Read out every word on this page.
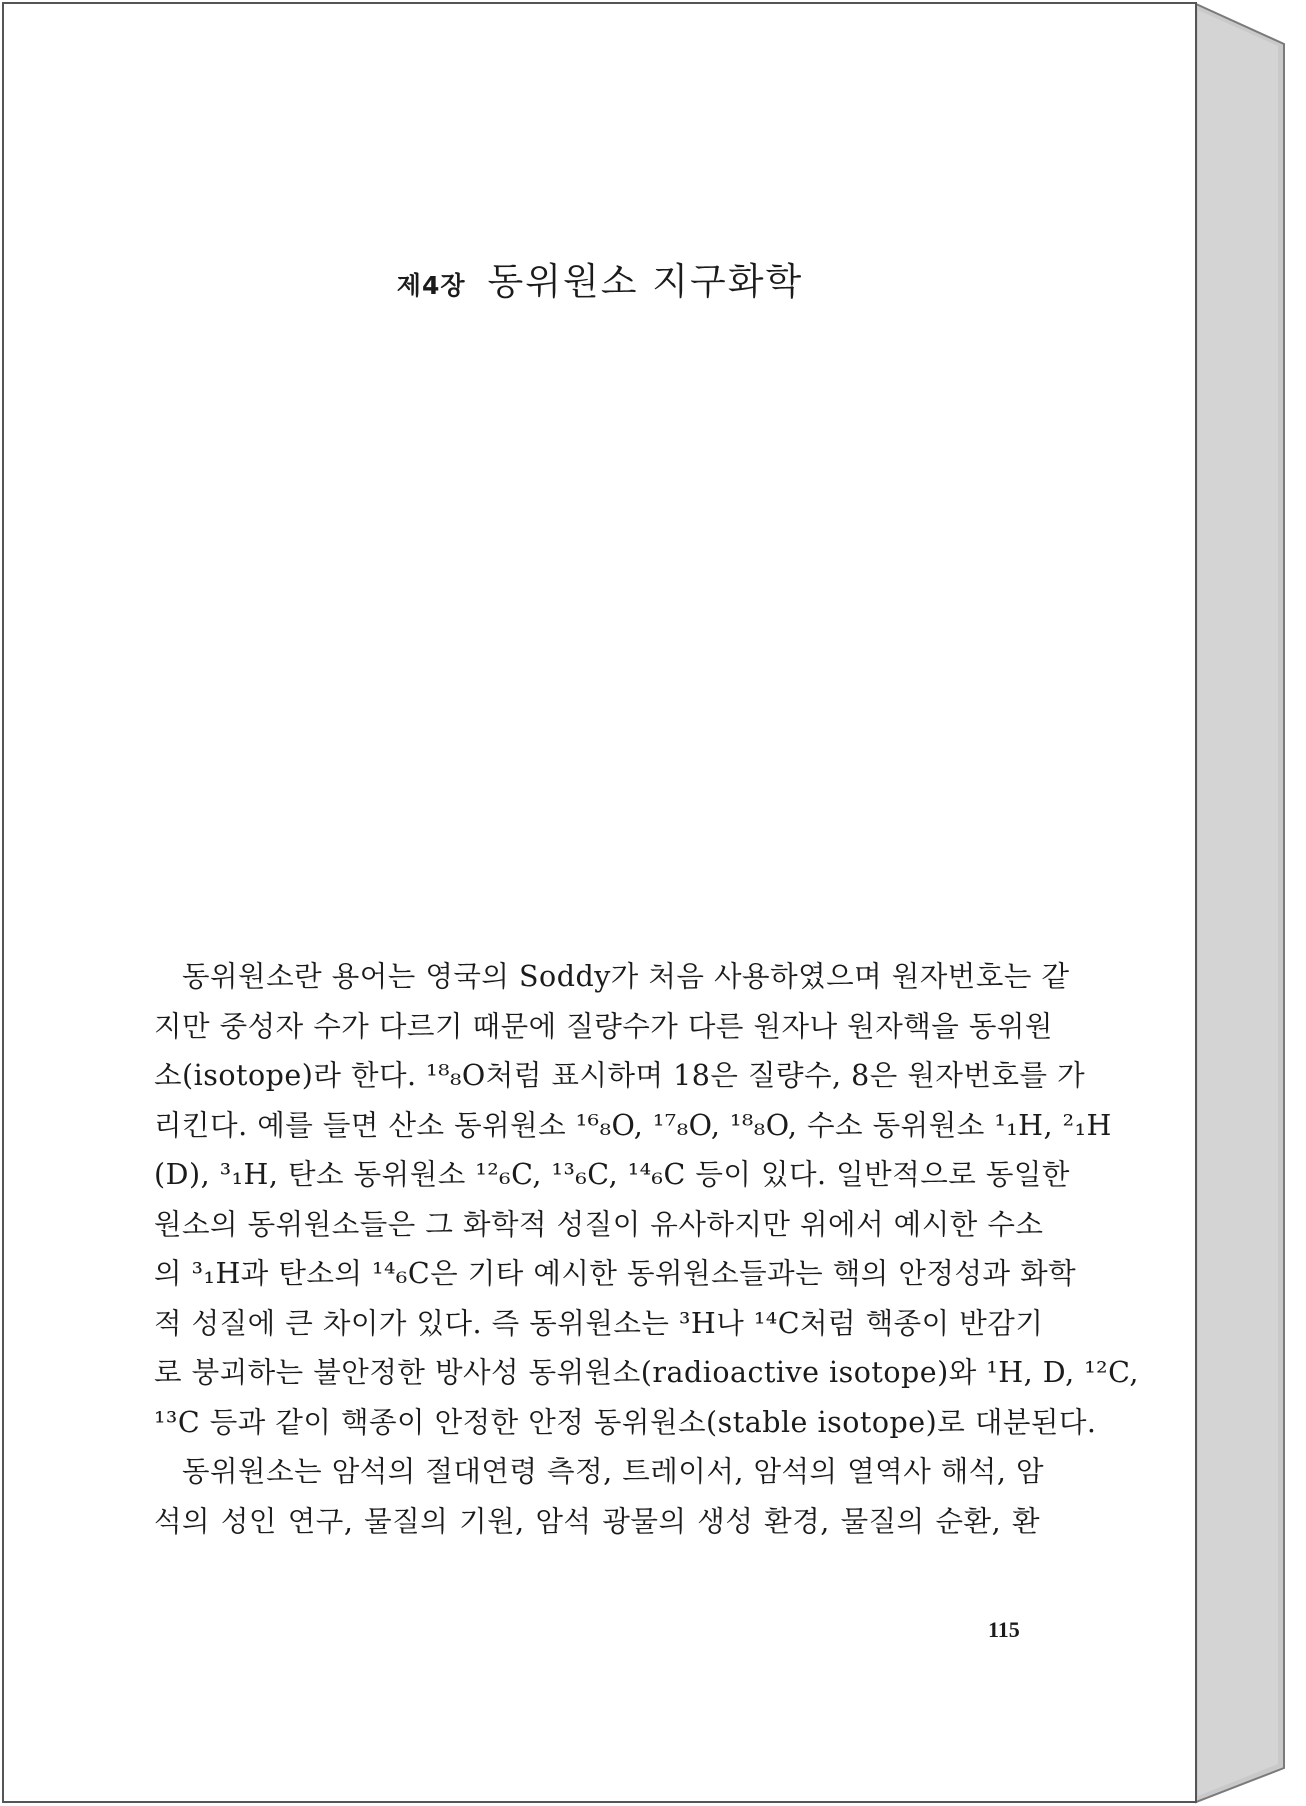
제4장 동위원소 지구화학
동위원소란 용어는 영국의 Soddy가 처음 사용하였으며 원자번호는 같
지만 중성자 수가 다르기 때문에 질량수가 다른 원자나 원자핵을 동위원
소(isotope)라 한다. ¹⁸₈O처럼 표시하며 18은 질량수, 8은 원자번호를 가
리킨다. 예를 들면 산소 동위원소 ¹⁶₈O, ¹⁷₈O, ¹⁸₈O, 수소 동위원소 ¹₁H, ²₁H
(D), ³₁H, 탄소 동위원소 ¹²₆C, ¹³₆C, ¹⁴₆C 등이 있다. 일반적으로 동일한
원소의 동위원소들은 그 화학적 성질이 유사하지만 위에서 예시한 수소
의 ³₁H과 탄소의 ¹⁴₆C은 기타 예시한 동위원소들과는 핵의 안정성과 화학
적 성질에 큰 차이가 있다. 즉 동위원소는 ³H나 ¹⁴C처럼 핵종이 반감기
로 붕괴하는 불안정한 방사성 동위원소(radioactive isotope)와 ¹H, D, ¹²C,
¹³C 등과 같이 핵종이 안정한 안정 동위원소(stable isotope)로 대분된다.
동위원소는 암석의 절대연령 측정, 트레이서, 암석의 열역사 해석, 암
석의 성인 연구, 물질의 기원, 암석 광물의 생성 환경, 물질의 순환, 환
115
